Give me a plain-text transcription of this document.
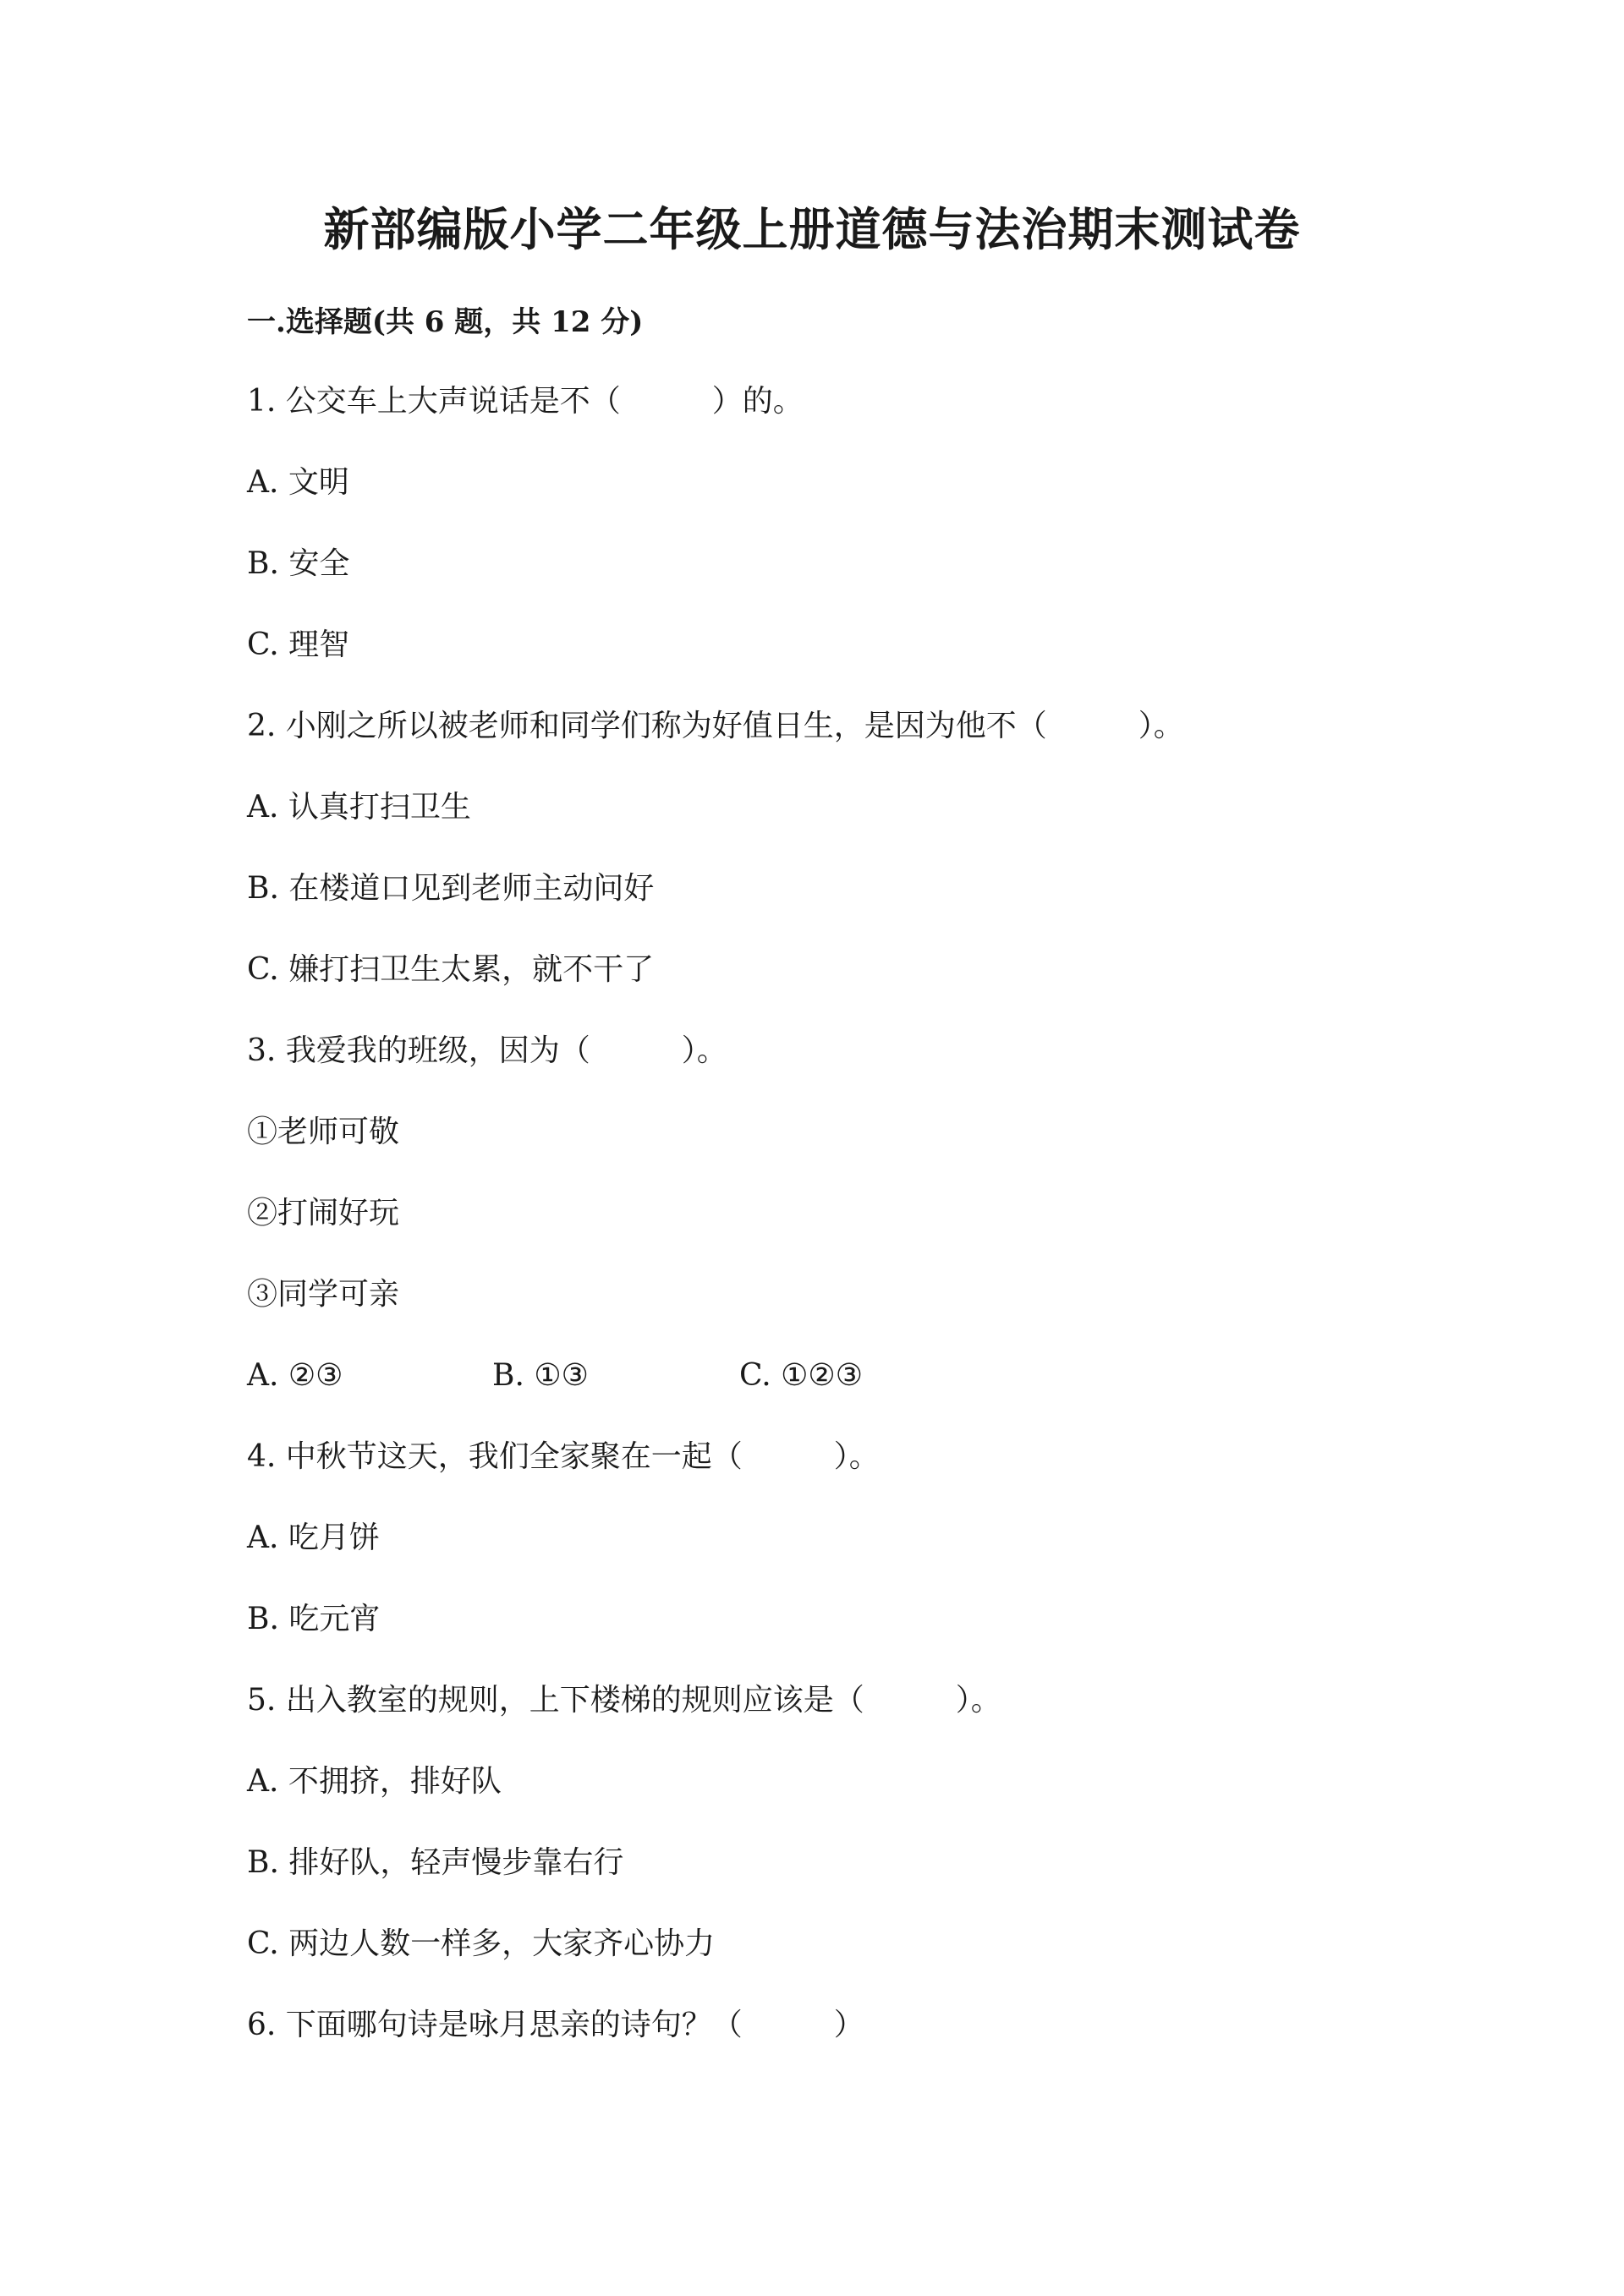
新部编版小学二年级上册道德与法治期末测试卷
一.选择题(共 6 题，共 12 分)
1. 公交车上大声说话是不（　　　）的。
A. 文明
B. 安全
C. 理智
2. 小刚之所以被老师和同学们称为好值日生，是因为他不（　　　）。
A. 认真打扫卫生
B. 在楼道口见到老师主动问好
C. 嫌打扫卫生太累，就不干了
3. 我爱我的班级，因为（　　　）。
①老师可敬
②打闹好玩
③同学可亲

A. ②③

	B. ①③

	C. ①②③

4. 中秋节这天，我们全家聚在一起（　　　）。
A. 吃月饼
B. 吃元宵
5. 出入教室的规则，上下楼梯的规则应该是（　　　）。
A. 不拥挤，排好队
B. 排好队，轻声慢步靠右行
C. 两边人数一样多，大家齐心协力
6. 下面哪句诗是咏月思亲的诗句？（　　　）
